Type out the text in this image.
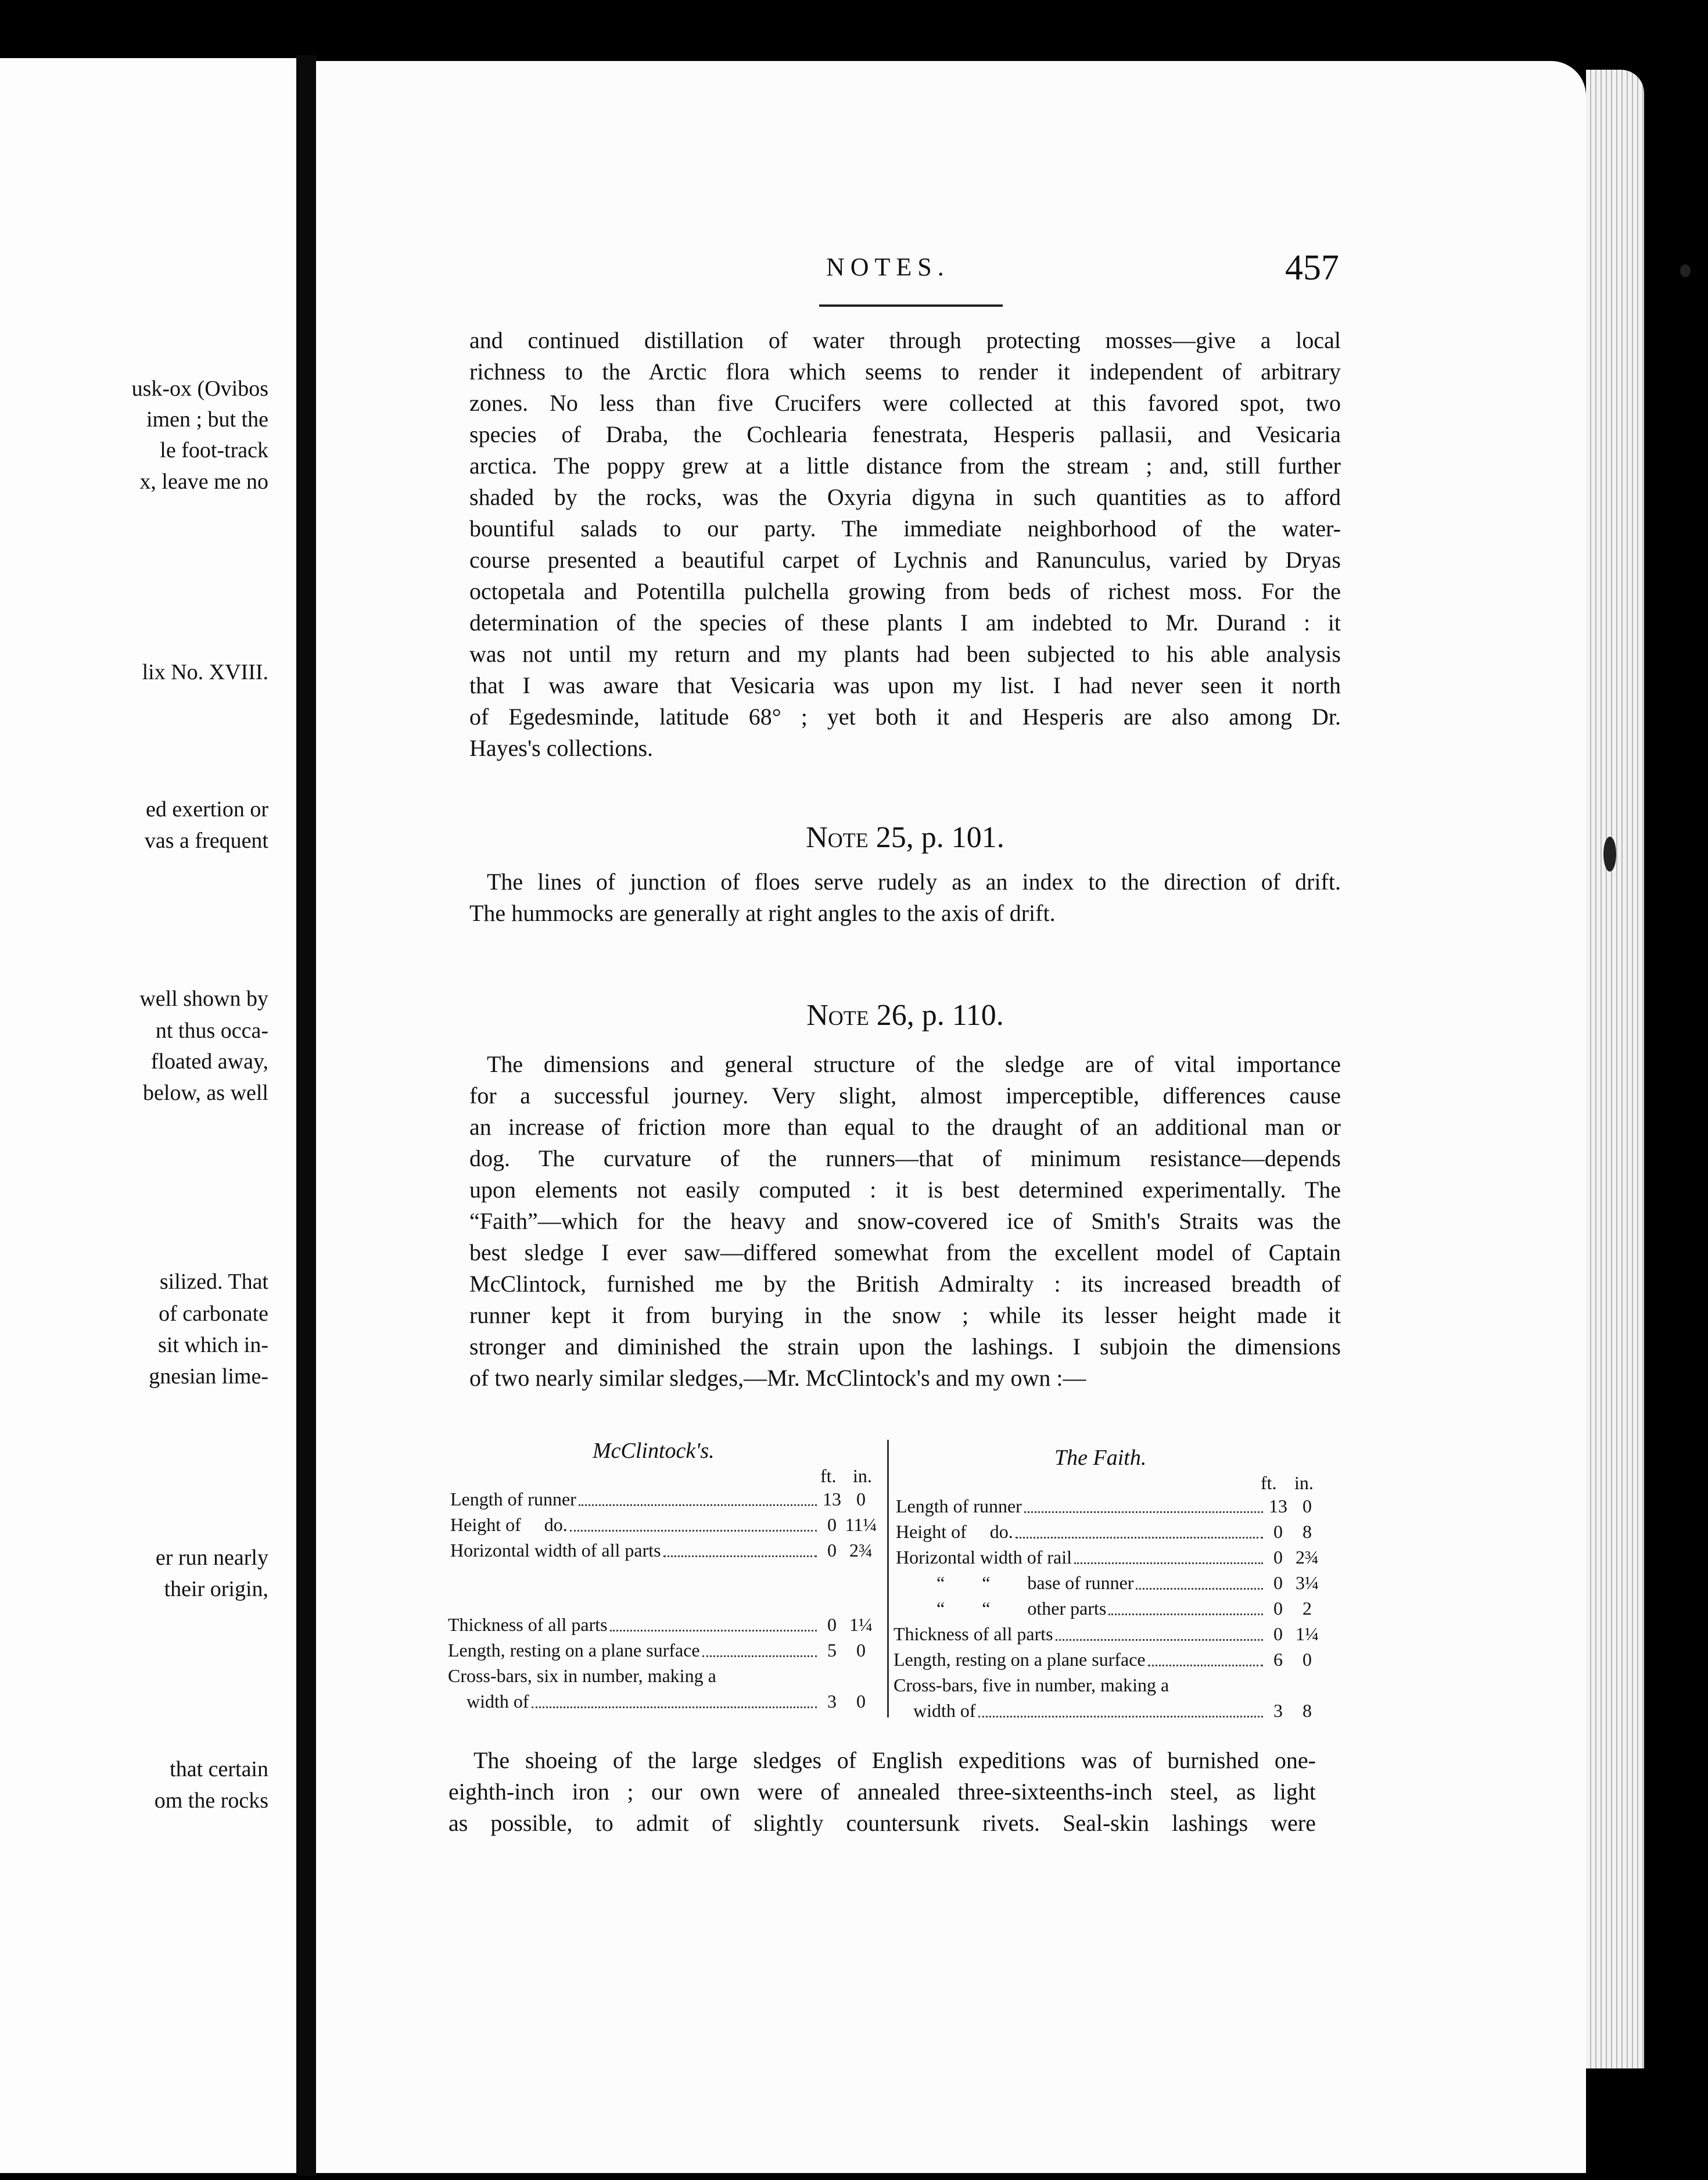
usk-ox (Ovibos
imen ; but the
le foot-track
x, leave me no
lix No. XVIII.
ed exertion or
vas a frequent
well shown by
nt thus occa-
floated away,
below, as well
silized. That
of carbonate
sit which in-
gnesian lime-
er run nearly
their origin,
that certain
om the rocks
NOTES.	457
and continued distillation of water through protecting mosses—give a local
richness to the Arctic flora which seems to render it independent of arbitrary
zones. No less than five Crucifers were collected at this favored spot, two
species of Draba, the Cochlearia fenestrata, Hesperis pallasii, and Vesicaria
arctica. The poppy grew at a little distance from the stream ; and, still further
shaded by the rocks, was the Oxyria digyna in such quantities as to afford
bountiful salads to our party. The immediate neighborhood of the water-
course presented a beautiful carpet of Lychnis and Ranunculus, varied by Dryas
octopetala and Potentilla pulchella growing from beds of richest moss. For the
determination of the species of these plants I am indebted to Mr. Durand : it
was not until my return and my plants had been subjected to his able analysis
that I was aware that Vesicaria was upon my list. I had never seen it north
of Egedesminde, latitude 68° ; yet both it and Hesperis are also among Dr.
Hayes's collections.
Note 25, p. 101.
The lines of junction of floes serve rudely as an index to the direction of drift.
The hummocks are generally at right angles to the axis of drift.
Note 26, p. 110.
The dimensions and general structure of the sledge are of vital importance
for a successful journey. Very slight, almost imperceptible, differences cause
an increase of friction more than equal to the draught of an additional man or
dog. The curvature of the runners—that of minimum resistance—depends
upon elements not easily computed : it is best determined experimentally. The
“Faith”—which for the heavy and snow-covered ice of Smith's Straits was the
best sledge I ever saw—differed somewhat from the excellent model of Captain
McClintock, furnished me by the British Admiralty : its increased breadth of
runner kept it from burying in the snow ; while its lesser height made it
stronger and diminished the strain upon the lashings. I subjoin the dimensions
of two nearly similar sledges,—Mr. McClintock's and my own :—
McClintock's.
ft. in.
Length of runner	13 0
Height of     do.	0 11¼
Horizontal width of all parts	0 2¾
Thickness of all parts	0 1¼
Length, resting on a plane surface	5	0
Cross-bars, six in number, making a
width of	3	0
The Faith.
ft. in.
Length of runner	13 0
Height of     do.	0	8
Horizontal width of rail	0 2¾
“        “        base of runner	0 3¼
“        “        other parts	0	2
Thickness of all parts	0 1¼
Length, resting on a plane surface	6	0
Cross-bars, five in number, making a
width of	3	8
The shoeing of the large sledges of English expeditions was of burnished one-
eighth-inch iron ; our own were of annealed three-sixteenths-inch steel, as light
as possible, to admit of slightly countersunk rivets. Seal-skin lashings were
